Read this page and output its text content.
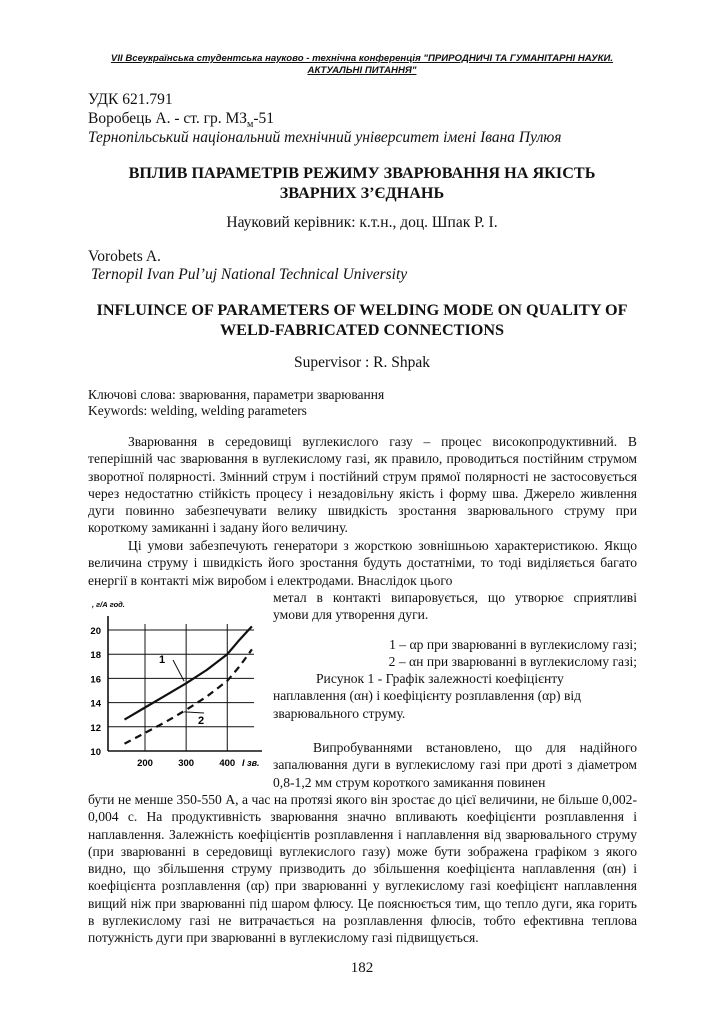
VII Всеукраїнська студентська науково - технічна конференція "ПРИРОДНИЧІ ТА ГУМАНІТАРНІ НАУКИ. АКТУАЛЬНІ ПИТАННЯ"
УДК 621.791
Воробець А. - ст. гр. $МЗ_м-51$
Тернопільський національний технічний університет імені Івана Пулюя
ВПЛИВ ПАРАМЕТРІВ РЕЖИМУ ЗВАРЮВАННЯ НА ЯКІСТЬ ЗВАРНИХ З’ЄДНАНЬ
Науковий керівник: к.т.н., доц. Шпак Р. І.
Vorobets A.
Ternopil Ivan Pul’uj National Technical University
INFLUINCE OF PARAMETERS OF WELDING MODE ON QUALITY OF WELD-FABRICATED CONNECTIONS
Supervisor : R. Shpak
Ключові слова: зварювання, параметри зварювання
Keywords: welding, welding parameters

Зварювання в середовищі вуглекислого газу – процес високопродуктивний. В теперішній час зварювання в вуглекислому газі, як правило, проводиться постійним струмом зворотної полярності. Змінний струм і постійний струм прямої полярності не застосовується через недостатню стійкість процесу і незадовільну якість і форму шва. Джерело живлення дуги повинно забезпечувати велику швидкість зростання зварювального струму при короткому замиканні і задану його величину.

Ці умови забезпечують генератори з жорсткою зовнішньою характеристикою. Якщо величина струму і швидкість його зростання будуть достатніми, то тоді виділяється багато енергії в контакті між виробом і електродами. Внаслідок цього

метал в контакті випаровується, що утворює сприятливі умови для утворення дуги.

10
12
14
16
18
20
200	300	400
1
2
, г/А год.
I зв.
1 – αр при зварюванні в вуглекислому газі;
2 – αн при зварюванні в вуглекислому газі;
Рисунок 1 - Графік залежності коефіцієнту наплавлення (αн) і коефіцієнту розплавлення (αр) від зварювального струму.

Випробуваннями встановлено, що для надійного запалювання дуги в вуглекислому газі при дроті з діаметром 0,8-1,2 мм струм короткого замикання повинен

бути не менше 350-550 А, а час на протязі якого він зростає до цієї величини, не більше 0,002-0,004 с. На продуктивність зварювання значно впливають коефіцієнти розплавлення і наплавлення. Залежність коефіцієнтів розплавлення і наплавлення від зварювального струму (при зварюванні в середовищі вуглекислого газу) може бути зображена графіком з якого видно, що збільшення струму призводить до збільшення коефіцієнта наплавлення (αн) і коефіцієнта розплавлення (αр) при зварюванні у вуглекислому газі коефіцієнт наплавлення вищий ніж при зварюванні під шаром флюсу. Це пояснюється тим, що тепло дуги, яка горить в вуглекислому газі не витрачається на розплавлення флюсів, тобто ефективна теплова потужність дуги при зварюванні в вуглекислому газі підвищується.

182
